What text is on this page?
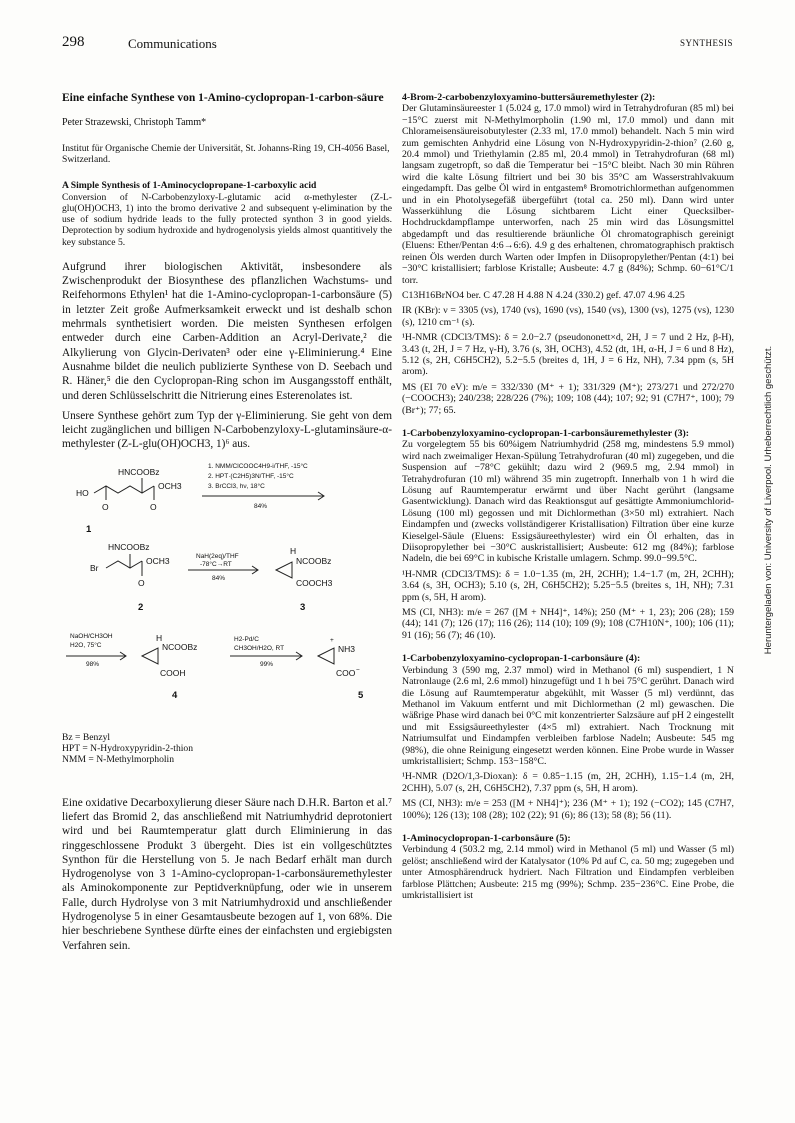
298	Communications	SYNTHESIS

Eine einfache Synthese von 1-Amino-cyclopropan-1-carbon-säure

Peter Strazewski, Christoph Tamm*

Institut für Organische Chemie der Universität, St. Johanns-Ring 19, CH-4056 Basel, Switzerland.

A Simple Synthesis of 1-Aminocyclopropane-1-carboxylic acid

Conversion of N-Carbobenzyloxy-L-glutamic acid α-methylester (Z-L-glu(OH)OCH3, 1) into the bromo derivative 2 and subsequent γ-elimination by the use of sodium hydride leads to the fully protected synthon 3 in good yields. Deprotection by sodium hydroxide and hydrogenolysis yields almost quantitively the key substance 5.

Aufgrund ihrer biologischen Aktivität, insbesondere als Zwischenprodukt der Biosynthese des pflanzlichen Wachstums- und Reifehormons Ethylen¹ hat die 1-Amino-cyclopropan-1-carbonsäure (5) in letzter Zeit große Aufmerksamkeit erweckt und ist deshalb schon mehrmals synthetisiert worden. Die meisten Synthesen erfolgen entweder durch eine Carben-Addition an Acryl-Derivate,² die Alkylierung von Glycin-Derivaten³ oder eine γ-Eliminierung.⁴ Eine Ausnahme bildet die neulich publizierte Synthese von D. Seebach und R. Häner,⁵ die den Cyclopropan-Ring schon im Ausgangsstoff enthält, und deren Schlüsselschritt die Nitrierung eines Esterenolates ist.

Unsere Synthese gehört zum Typ der γ-Eliminierung. Sie geht von dem leicht zugänglichen und billigen N-Carbobenzyloxy-L-glutaminsäure-α-methylester (Z-L-glu(OH)OCH3, 1)⁶ aus.

HNCOOBz
HO
OCH3
O	O
1
1. NMM/ClCOOC4H9-i/THF, -15°C
2. HPT·(C2H5)3N/THF, -15°C
3. BrCCl3, hν, 18°C
84%
HNCOOBz
Br
OCH3
O
2
NaH(2eq)/THF
-78°C→RT
84%
H
NCOOBz
COOCH3
3
NaOH/CH3OH
H2O, 75°C
98%
H
NCOOBz
COOH
4
H2-Pd/C
CH3OH/H2O, RT
99%
+
NH3
COO −
5
Bz = Benzyl
HPT = N-Hydroxypyridin-2-thion
NMM = N-Methylmorpholin

Eine oxidative Decarboxylierung dieser Säure nach D.H.R. Barton et al.⁷ liefert das Bromid 2, das anschließend mit Natriumhydrid deprotoniert wird und bei Raumtemperatur glatt durch Eliminierung in das ringgeschlossene Produkt 3 übergeht. Dies ist ein vollgeschütztes Synthon für die Herstellung von 5. Je nach Bedarf erhält man durch Hydrogenolyse von 3 1-Amino-cyclopropan-1-carbonsäuremethylester als Aminokomponente zur Peptidverknüpfung, oder wie in unserem Falle, durch Hydrolyse von 3 mit Natriumhydroxid und anschließender Hydrogenolyse 5 in einer Gesamtausbeute bezogen auf 1, von 68%. Die hier beschriebene Synthese dürfte eines der einfachsten und ergiebigsten Verfahren sein.

4-Brom-2-carbobenzyloxyamino-buttersäuremethylester (2):

Der Glutaminsäureester 1 (5.024 g, 17.0 mmol) wird in Tetrahydrofuran (85 ml) bei −15°C zuerst mit N-Methylmorpholin (1.90 ml, 17.0 mmol) und dann mit Chlorameisensäureisobutylester (2.33 ml, 17.0 mmol) behandelt. Nach 5 min wird zum gemischten Anhydrid eine Lösung von N-Hydroxypyridin-2-thion⁷ (2.60 g, 20.4 mmol) und Triethylamin (2.85 ml, 20.4 mmol) in Tetrahydrofuran (68 ml) langsam zugetropft, so daß die Temperatur bei −15°C bleibt. Nach 30 min Rühren wird die kalte Lösung filtriert und bei 30 bis 35°C am Wasserstrahlvakuum eingedampft. Das gelbe Öl wird in entgastem⁸ Bromotrichlormethan aufgenommen und in ein Photolysegefäß übergeführt (total ca. 250 ml). Dann wird unter Wasserkühlung die Lösung sichtbarem Licht einer Quecksilber-Hochdruckdampflampe unterworfen, nach 25 min wird das Lösungsmittel abgedampft und das resultierende bräunliche Öl chromatographisch gereinigt (Eluens: Ether/Pentan 4:6→6:6). 4.9 g des erhaltenen, chromatographisch praktisch reinen Öls werden durch Warten oder Impfen in Diisopropylether/Pentan (4:1) bei −30°C kristallisiert; farblose Kristalle; Ausbeute: 4.7 g (84%); Schmp. 60−61°C/1 torr.

C13H16BrNO4 ber. C 47.28 H 4.88 N 4.24 (330.2) gef. 47.07 4.96 4.25

IR (KBr): ν = 3305 (vs), 1740 (vs), 1690 (vs), 1540 (vs), 1300 (vs), 1275 (vs), 1230 (s), 1210 cm⁻¹ (s).

¹H-NMR (CDCl3/TMS): δ = 2.0−2.7 (pseudononett×d, 2H, J = 7 und 2 Hz, β-H), 3.43 (t, 2H, J = 7 Hz, γ-H), 3.76 (s, 3H, OCH3), 4.52 (dt, 1H, α-H, J = 6 und 8 Hz), 5.12 (s, 2H, C6H5CH2), 5.2−5.5 (breites d, 1H, J = 6 Hz, NH), 7.34 ppm (s, 5H arom).

MS (EI 70 eV): m/e = 332/330 (M⁺ + 1); 331/329 (M⁺); 273/271 und 272/270 (−COOCH3); 240/238; 228/226 (7%); 109; 108 (44); 107; 92; 91 (C7H7⁺, 100); 79 (Br⁺); 77; 65.

1-Carbobenzyloxyamino-cyclopropan-1-carbonsäuremethylester (3):

Zu vorgelegtem 55 bis 60%igem Natriumhydrid (258 mg, mindestens 5.9 mmol) wird nach zweimaliger Hexan-Spülung Tetrahydrofuran (40 ml) zugegeben, und die Suspension auf −78°C gekühlt; dazu wird 2 (969.5 mg, 2.94 mmol) in Tetrahydrofuran (10 ml) während 35 min zugetropft. Innerhalb von 1 h wird die Lösung auf Raumtemperatur erwärmt und über Nacht gerührt (langsame Gasentwicklung). Danach wird das Reaktionsgut auf gesättigte Ammoniumchlorid-Lösung (100 ml) gegossen und mit Dichlormethan (3×50 ml) extrahiert. Nach Eindampfen und (zwecks vollständigerer Kristallisation) Filtration über eine kurze Kieselgel-Säule (Eluens: Essigsäureethylester) wird ein Öl erhalten, das in Diisopropylether bei −30°C auskristallisiert; Ausbeute: 612 mg (84%); farblose Nadeln, die bei 69°C in kubische Kristalle umlagern. Schmp. 99.0−99.5°C.

¹H-NMR (CDCl3/TMS): δ = 1.0−1.35 (m, 2H, 2CHH); 1.4−1.7 (m, 2H, 2CHH); 3.64 (s, 3H, OCH3); 5.10 (s, 2H, C6H5CH2); 5.25−5.5 (breites s, 1H, NH); 7.31 ppm (s, 5H, H arom).

MS (CI, NH3): m/e = 267 ([M + NH4]⁺, 14%); 250 (M⁺ + 1, 23); 206 (28); 159 (44); 141 (7); 126 (17); 116 (26); 114 (10); 109 (9); 108 (C7H10N⁺, 100); 106 (11); 91 (16); 56 (7); 46 (10).

1-Carbobenzyloxyamino-cyclopropan-1-carbonsäure (4):

Verbindung 3 (590 mg, 2.37 mmol) wird in Methanol (6 ml) suspendiert, 1 N Natronlauge (2.6 ml, 2.6 mmol) hinzugefügt und 1 h bei 75°C gerührt. Danach wird die Lösung auf Raumtemperatur abgekühlt, mit Wasser (5 ml) verdünnt, das Methanol im Vakuum entfernt und mit Dichlormethan (2 ml) gewaschen. Die wäßrige Phase wird danach bei 0°C mit konzentrierter Salzsäure auf pH 2 eingestellt und mit Essigsäureethylester (4×5 ml) extrahiert. Nach Trocknung mit Natriumsulfat und Eindampfen verbleiben farblose Nadeln; Ausbeute: 545 mg (98%), die ohne Reinigung eingesetzt werden können. Eine Probe wurde in Wasser umkristallisiert; Schmp. 153−158°C.

¹H-NMR (D2O/1,3-Dioxan): δ = 0.85−1.15 (m, 2H, 2CHH), 1.15−1.4 (m, 2H, 2CHH), 5.07 (s, 2H, C6H5CH2), 7.37 ppm (s, 5H, H arom).

MS (CI, NH3): m/e = 253 ([M + NH4]⁺); 236 (M⁺ + 1); 192 (−CO2); 145 (C7H7, 100%); 126 (13); 108 (28); 102 (22); 91 (6); 86 (13); 58 (8); 56 (11).

1-Aminocyclopropan-1-carbonsäure (5):

Verbindung 4 (503.2 mg, 2.14 mmol) wird in Methanol (5 ml) und Wasser (5 ml) gelöst; anschließend wird der Katalysator (10% Pd auf C, ca. 50 mg; zugegeben und unter Atmosphärendruck hydriert. Nach Filtration und Eindampfen verbleiben farblose Plättchen; Ausbeute: 215 mg (99%); Schmp. 235−236°C. Eine Probe, die umkristallisiert ist

Heruntergeladen von: University of Liverpool. Urheberrechtlich geschützt.
